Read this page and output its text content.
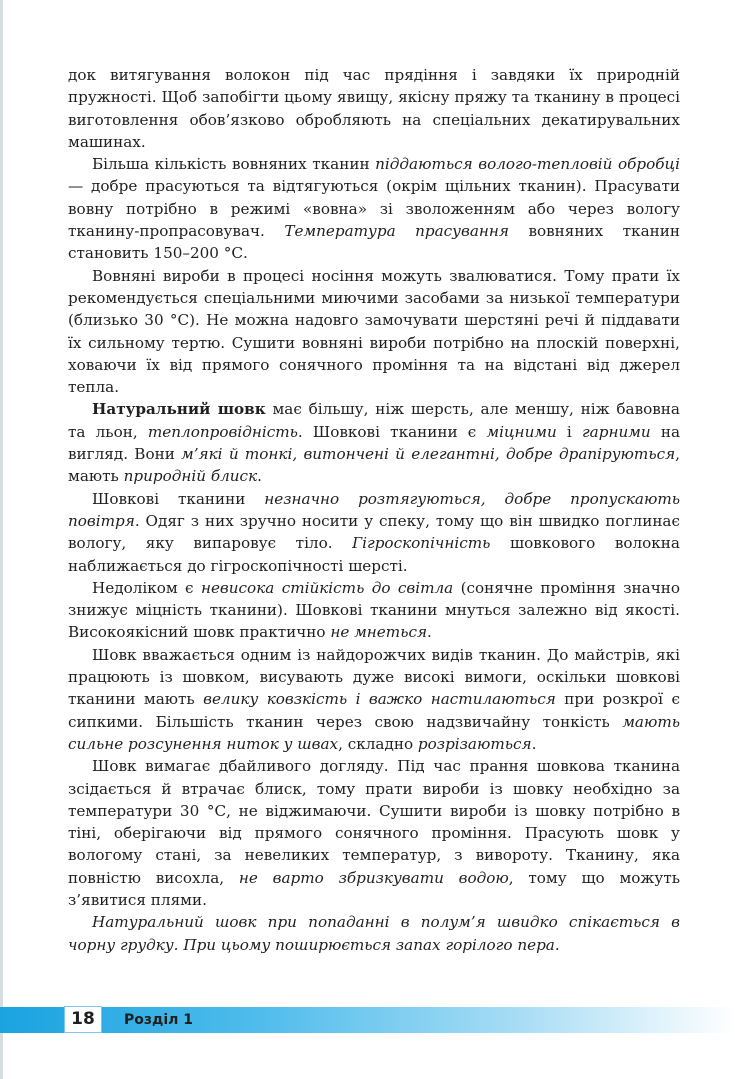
док витягування волокон під час прядіння і завдяки їх природній пружності. Щоб запобігти цьому явищу, якісну пряжу та тканину в процесі виготовлення обов’язково обробляють на спеціальних декатирувальних машинах.

Більша кількість вовняних тканин піддаються волого-тепловій обробці — добре прасуються та відтягуються (окрім щільних тканин). Прасувати вовну потрібно в режимі «вовна» зі зволоженням або через вологу тканину-пропрасовувач. Температура прасування вовняних тканин становить 150–200 °С.

Вовняні вироби в процесі носіння можуть звалюватися. Тому прати їх рекомендується спеціальними миючими засобами за низької температури (близько 30 °С). Не можна надовго замочувати шерстяні речі й піддавати їх сильному тертю. Сушити вовняні вироби потрібно на плоскій поверхні, ховаючи їх від прямого сонячного проміння та на відстані від джерел тепла.

Натуральний шовк має більшу, ніж шерсть, але меншу, ніж бавовна та льон, теплопровідність. Шовкові тканини є міцними і гарними на вигляд. Вони м’які й тонкі, витончені й елегантні, добре драпіруються, мають природній блиск.

Шовкові тканини незначно розтягуються, добре пропускають повітря. Одяг з них зручно носити у спеку, тому що він швидко поглинає вологу, яку випаровує тіло. Гігроскопічність шовкового волокна наближається до гігроскопічності шерсті.

Недоліком є невисока стійкість до світла (сонячне проміння значно знижує міцність тканини). Шовкові тканини мнуться залежно від якості. Високоякісний шовк практично не мнеться.

Шовк вважається одним із найдорожчих видів тканин. До майстрів, які працюють із шовком, висувають дуже високі вимоги, оскільки шовкові тканини мають велику ковзкість і важко настилаються при розкрої є сипкими. Більшість тканин через свою надзвичайну тонкість мають сильне розсунення ниток у швах, складно розрізаються.

Шовк вимагає дбайливого догляду. Під час прання шовкова тканина зсідається й втрачає блиск, тому прати вироби із шовку необхідно за температури 30 °С, не віджимаючи. Сушити вироби із шовку потрібно в тіні, оберігаючи від прямого сонячного проміння. Прасують шовк у вологому стані, за невеликих температур, з вивороту. Тканину, яка повністю висохла, не варто збризкувати водою, тому що можуть з’явитися плями.

Натуральний шовк при попаданні в полум’я швидко спікається в чорну грудку. При цьому поширюється запах горілого пера.

18	Розділ 1
